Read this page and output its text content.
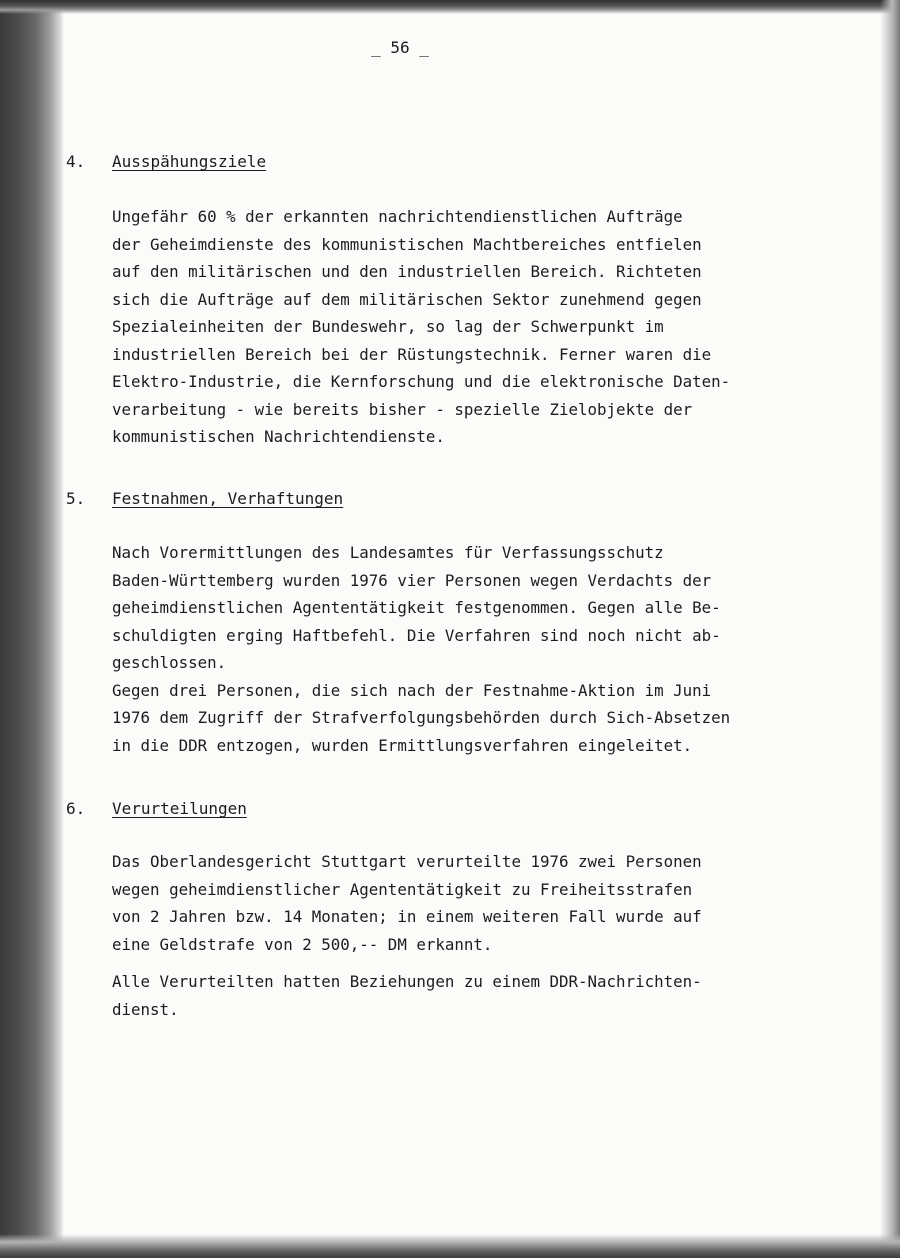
_ 56 _
4. Ausspähungsziele
Ungefähr 60 % der erkannten nachrichtendienstlichen Aufträge
der Geheimdienste des kommunistischen Machtbereiches entfielen
auf den militärischen und den industriellen Bereich. Richteten
sich die Aufträge auf dem militärischen Sektor zunehmend gegen
Spezialeinheiten der Bundeswehr, so lag der Schwerpunkt im
industriellen Bereich bei der Rüstungstechnik. Ferner waren die
Elektro-Industrie, die Kernforschung und die elektronische Daten-
verarbeitung - wie bereits bisher - spezielle Zielobjekte der
kommunistischen Nachrichtendienste.
5. Festnahmen, Verhaftungen
Nach Vorermittlungen des Landesamtes für Verfassungsschutz
Baden-Württemberg wurden 1976 vier Personen wegen Verdachts der
geheimdienstlichen Agententätigkeit festgenommen. Gegen alle Be-
schuldigten erging Haftbefehl. Die Verfahren sind noch nicht ab-
geschlossen.
Gegen drei Personen, die sich nach der Festnahme-Aktion im Juni
1976 dem Zugriff der Strafverfolgungsbehörden durch Sich-Absetzen
in die DDR entzogen, wurden Ermittlungsverfahren eingeleitet.
6. Verurteilungen
Das Oberlandesgericht Stuttgart verurteilte 1976 zwei Personen
wegen geheimdienstlicher Agententätigkeit zu Freiheitsstrafen
von 2 Jahren bzw. 14 Monaten; in einem weiteren Fall wurde auf
eine Geldstrafe von 2 500,-- DM erkannt.
Alle Verurteilten hatten Beziehungen zu einem DDR-Nachrichten-
dienst.
